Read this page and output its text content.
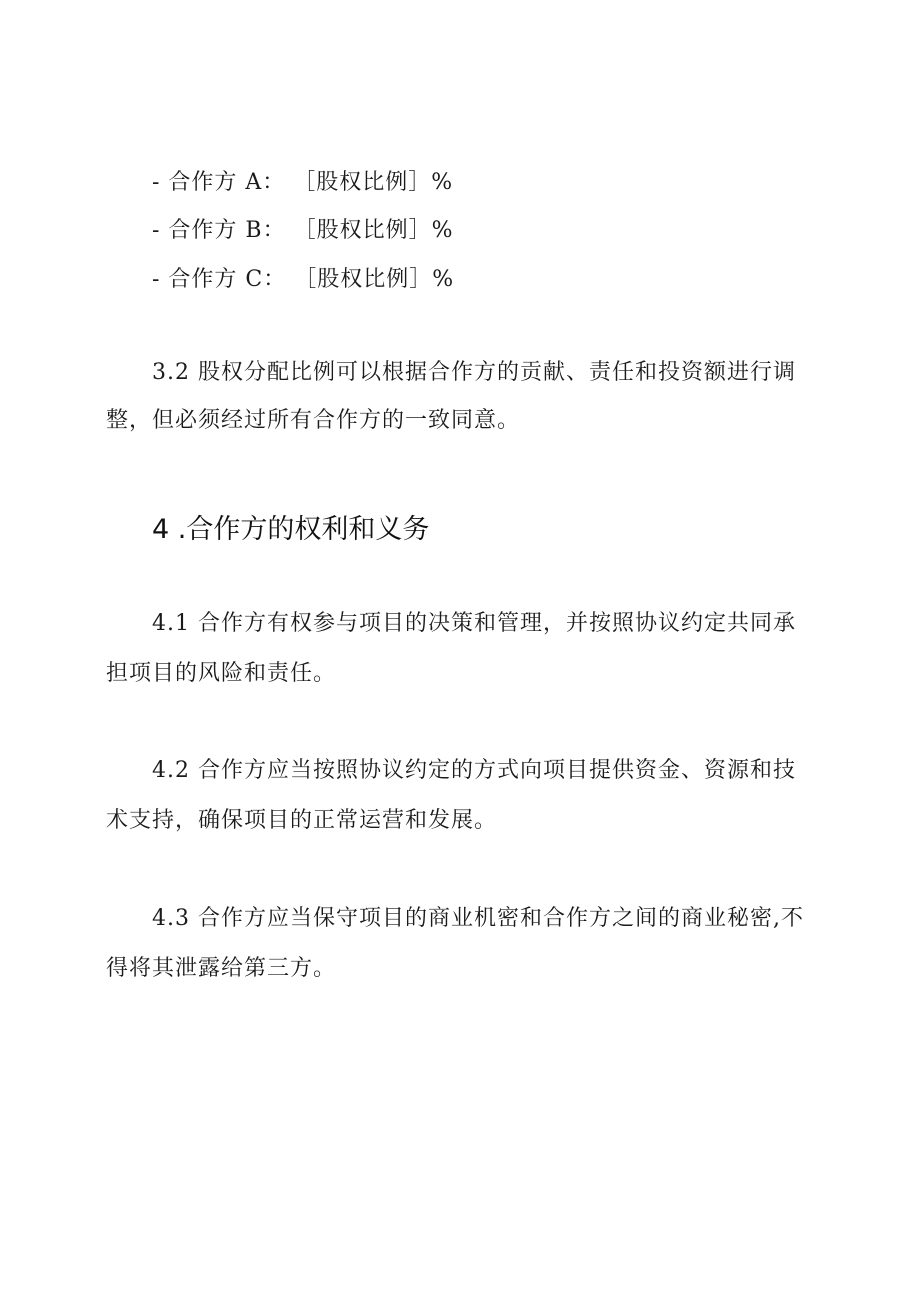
- 合作方 A： ［股权比例］%
- 合作方 B： ［股权比例］%
- 合作方 C： ［股权比例］%
3.2 股权分配比例可以根据合作方的贡献、责任和投资额进行调
整，但必须经过所有合作方的一致同意。
4 .合作方的权利和义务
4.1 合作方有权参与项目的决策和管理，并按照协议约定共同承
担项目的风险和责任。
4.2 合作方应当按照协议约定的方式向项目提供资金、资源和技
术支持，确保项目的正常运营和发展。
4.3 合作方应当保守项目的商业机密和合作方之间的商业秘密,不
得将其泄露给第三方。
